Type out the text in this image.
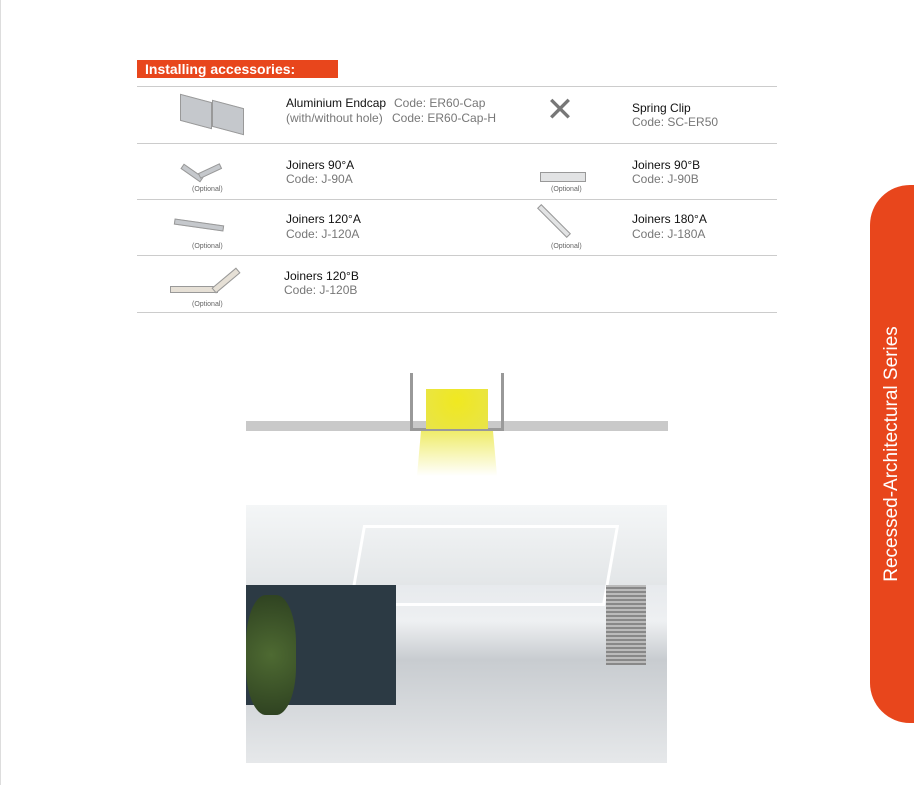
Installing accessories:
Aluminium Endcap Code: ER60-Cap
(with/without hole) Code: ER60-Cap-H ✕	Spring Clip
Code: SC-ER50
(Optional)
Joiners 90°A
Code: J-90A
(Optional)
Joiners 90°B
Code: J-90B
(Optional)
Joiners 120°A
Code: J-120A
(Optional)
Joiners 180°A
Code: J-180A
(Optional)
Joiners 120°B
Code: J-120B
Recessed-Architectural Series
